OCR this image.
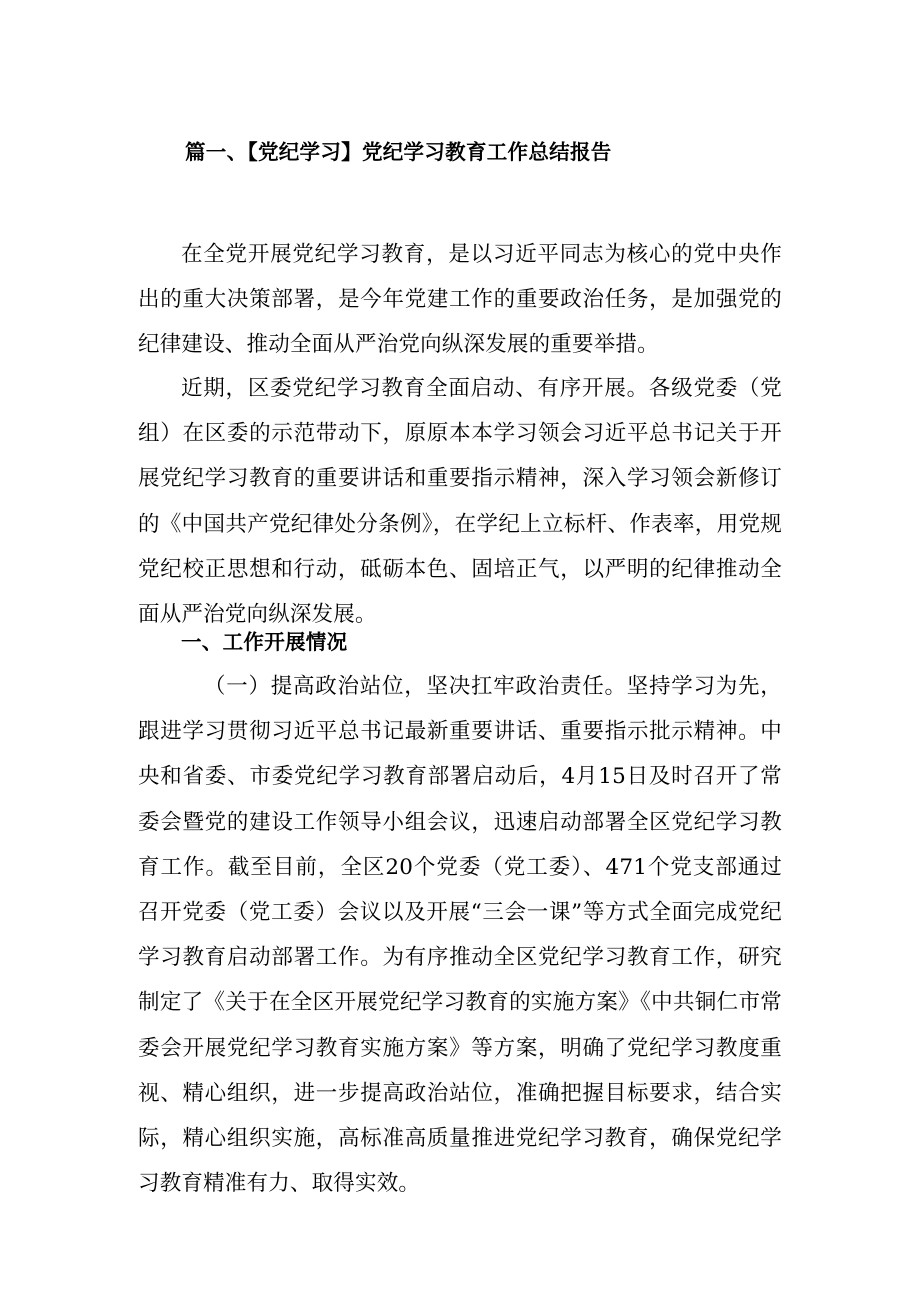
篇一、【党纪学习】党纪学习教育工作总结报告

在全党开展党纪学习教育，是以习近平同志为核心的党中央作出的重大决策部署，是今年党建工作的重要政治任务，是加强党的纪律建设、推动全面从严治党向纵深发展的重要举措。

近期，区委党纪学习教育全面启动、有序开展。各级党委（党组）在区委的示范带动下，原原本本学习领会习近平总书记关于开展党纪学习教育的重要讲话和重要指示精神，深入学习领会新修订的《中国共产党纪律处分条例》，在学纪上立标杆、作表率，用党规党纪校正思想和行动，砥砺本色、固培正气，以严明的纪律推动全面从严治党向纵深发展。

一、工作开展情况

（一）提高政治站位，坚决扛牢政治责任。坚持学习为先，跟进学习贯彻习近平总书记最新重要讲话、重要指示批示精神。中央和省委、市委党纪学习教育部署启动后，4月15日及时召开了常委会暨党的建设工作领导小组会议，迅速启动部署全区党纪学习教育工作。截至目前，全区20个党委（党工委）、471个党支部通过召开党委（党工委）会议以及开展“三会一课”等方式全面完成党纪学习教育启动部署工作。为有序推动全区党纪学习教育工作，研究制定了《关于在全区开展党纪学习教育的实施方案》《中共铜仁市常委会开展党纪学习教育实施方案》等方案，明确了党纪学习教度重视、精心组织，进一步提高政治站位，准确把握目标要求，结合实际，精心组织实施，高标准高质量推进党纪学习教育，确保党纪学习教育精准有力、取得实效。
